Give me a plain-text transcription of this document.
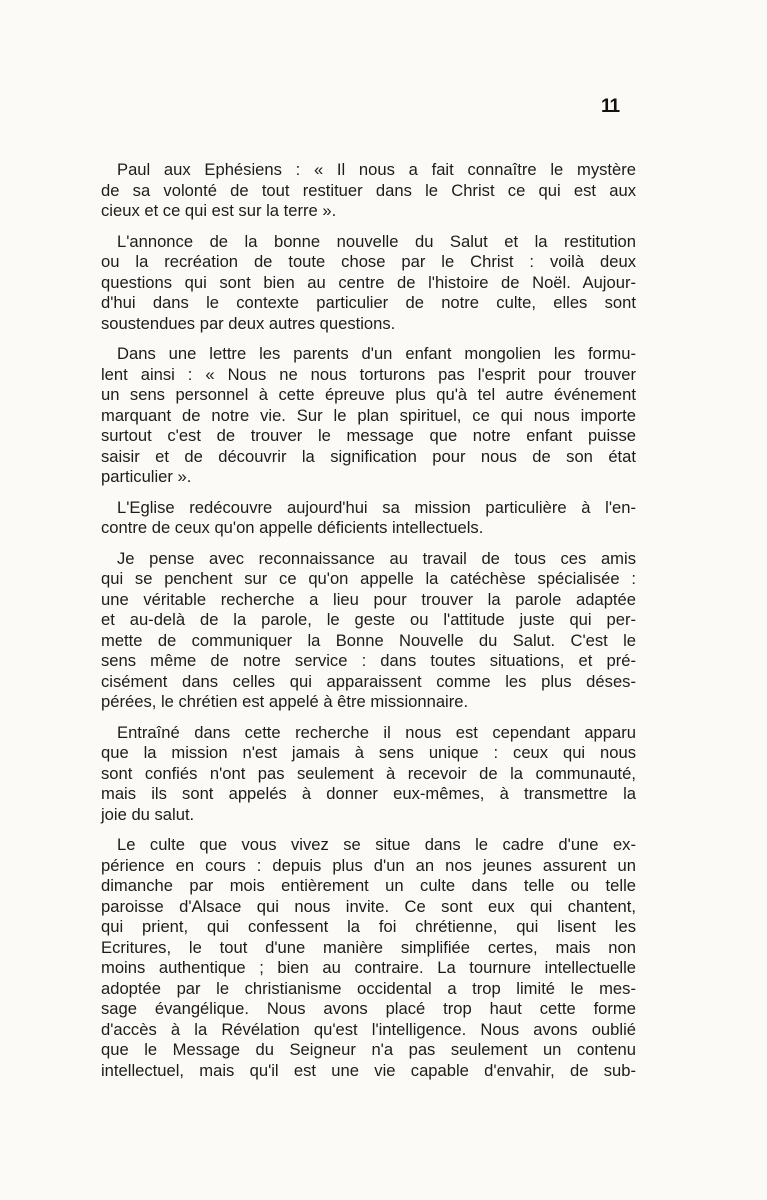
11
Paul aux Ephésiens : « Il nous a fait connaître le mystère
de sa volonté de tout restituer dans le Christ ce qui est aux
cieux et ce qui est sur la terre ».
L'annonce de la bonne nouvelle du Salut et la restitution
ou la recréation de toute chose par le Christ : voilà deux
questions qui sont bien au centre de l'histoire de Noël. Aujour-
d'hui dans le contexte particulier de notre culte, elles sont
soustendues par deux autres questions.
Dans une lettre les parents d'un enfant mongolien les formu-
lent ainsi : « Nous ne nous torturons pas l'esprit pour trouver
un sens personnel à cette épreuve plus qu'à tel autre événement
marquant de notre vie. Sur le plan spirituel, ce qui nous importe
surtout c'est de trouver le message que notre enfant puisse
saisir et de découvrir la signification pour nous de son état
particulier ».
L'Eglise redécouvre aujourd'hui sa mission particulière à l'en-
contre de ceux qu'on appelle déficients intellectuels.
Je pense avec reconnaissance au travail de tous ces amis
qui se penchent sur ce qu'on appelle la catéchèse spécialisée :
une véritable recherche a lieu pour trouver la parole adaptée
et au-delà de la parole, le geste ou l'attitude juste qui per-
mette de communiquer la Bonne Nouvelle du Salut. C'est le
sens même de notre service : dans toutes situations, et pré-
cisément dans celles qui apparaissent comme les plus déses-
pérées, le chrétien est appelé à être missionnaire.
Entraîné dans cette recherche il nous est cependant apparu
que la mission n'est jamais à sens unique : ceux qui nous
sont confiés n'ont pas seulement à recevoir de la communauté,
mais ils sont appelés à donner eux-mêmes, à transmettre la
joie du salut.
Le culte que vous vivez se situe dans le cadre d'une ex-
périence en cours : depuis plus d'un an nos jeunes assurent un
dimanche par mois entièrement un culte dans telle ou telle
paroisse d'Alsace qui nous invite. Ce sont eux qui chantent,
qui prient, qui confessent la foi chrétienne, qui lisent les
Ecritures, le tout d'une manière simplifiée certes, mais non
moins authentique ; bien au contraire. La tournure intellectuelle
adoptée par le christianisme occidental a trop limité le mes-
sage évangélique. Nous avons placé trop haut cette forme
d'accès à la Révélation qu'est l'intelligence. Nous avons oublié
que le Message du Seigneur n'a pas seulement un contenu
intellectuel, mais qu'il est une vie capable d'envahir, de sub-
